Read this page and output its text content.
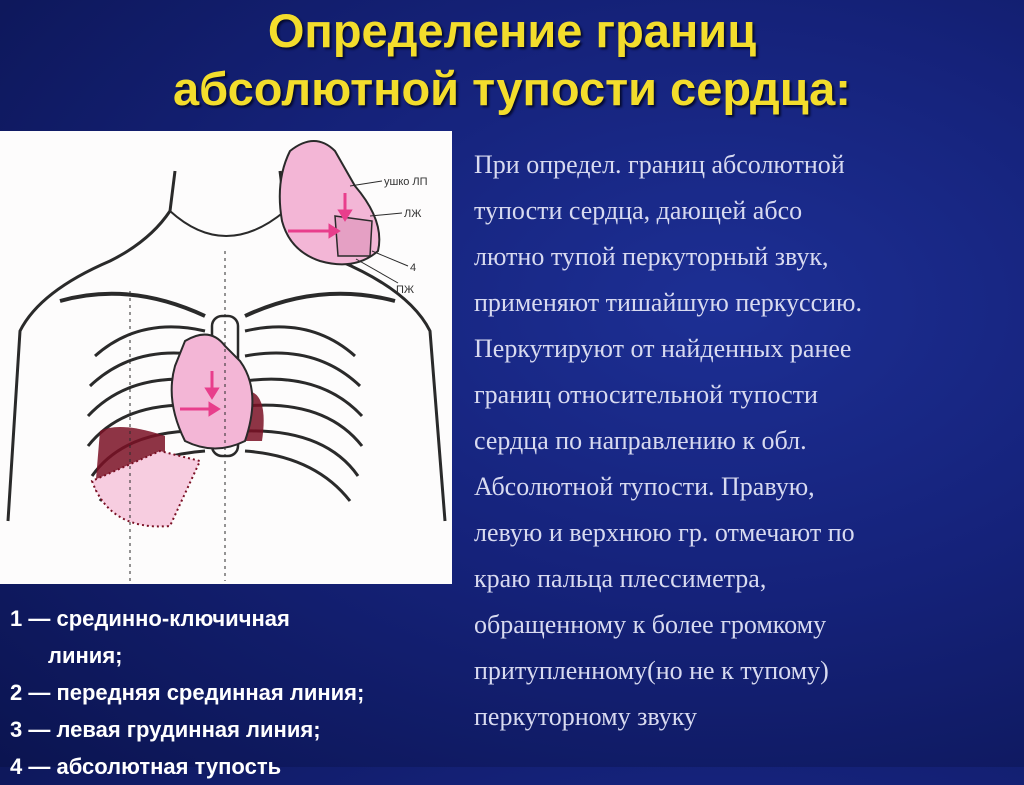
Определение границ
абсолютной тупости сердца:
ушко ЛП
ЛЖ
4
ПЖ
При определ. границ абсолютной
тупости сердца, дающей абсо
лютно тупой перкуторный звук,
применяют тишайшую перкуссию.
Перкутируют от найденных ранее
границ относительной тупости
сердца по направлению к обл.
Абсолютной тупости. Правую,
левую и верхнюю гр. отмечают по
краю пальца плессиметра,
обращенному к более громкому
притупленному(но не к тупому)
перкуторному звуку
1 — срединно-ключичная
линия;
2 — передняя срединная линия;
3 — левая грудинная линия;
4 — абсолютная тупость
